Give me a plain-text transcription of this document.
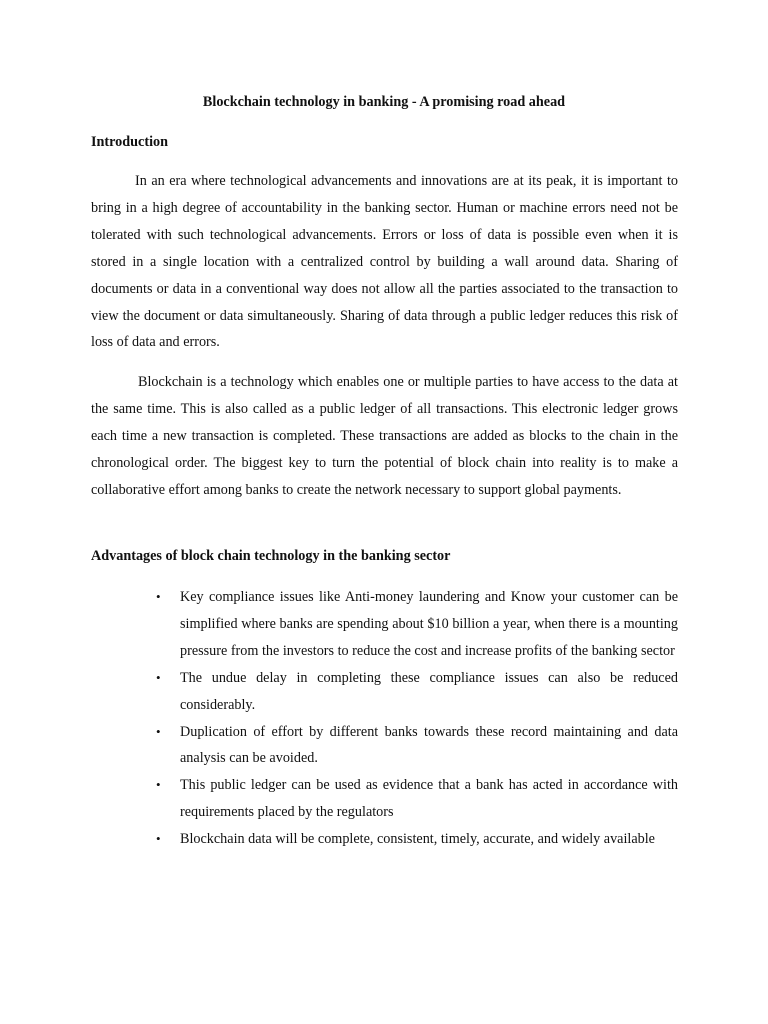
Blockchain technology in banking - A promising road ahead
Introduction

In an era where technological advancements and innovations are at its peak, it is important to bring in a high degree of accountability in the banking sector. Human or machine errors need not be tolerated with such technological advancements. Errors or loss of data is possible even when it is stored in a single location with a centralized control by building a wall around data. Sharing of documents or data in a conventional way does not allow all the parties associated to the transaction to view the document or data simultaneously. Sharing of data through a public ledger reduces this risk of loss of data and errors.

Blockchain is a technology which enables one or multiple parties to have access to the data at the same time. This is also called as a public ledger of all transactions. This electronic ledger grows each time a new transaction is completed. These transactions are added as blocks to the chain in the chronological order. The biggest key to turn the potential of block chain into reality is to make a collaborative effort among banks to create the network necessary to support global payments.

Advantages of block chain technology in the banking sector
• Key compliance issues like Anti-money laundering and Know your customer can be simplified where banks are spending about $10 billion a year, when there is a mounting pressure from the investors to reduce the cost and increase profits of the banking sector
• The undue delay in completing these compliance issues can also be reduced considerably.
• Duplication of effort by different banks towards these record maintaining and data analysis can be avoided.
• This public ledger can be used as evidence that a bank has acted in accordance with requirements placed by the regulators
• Blockchain data will be complete, consistent, timely, accurate, and widely available
